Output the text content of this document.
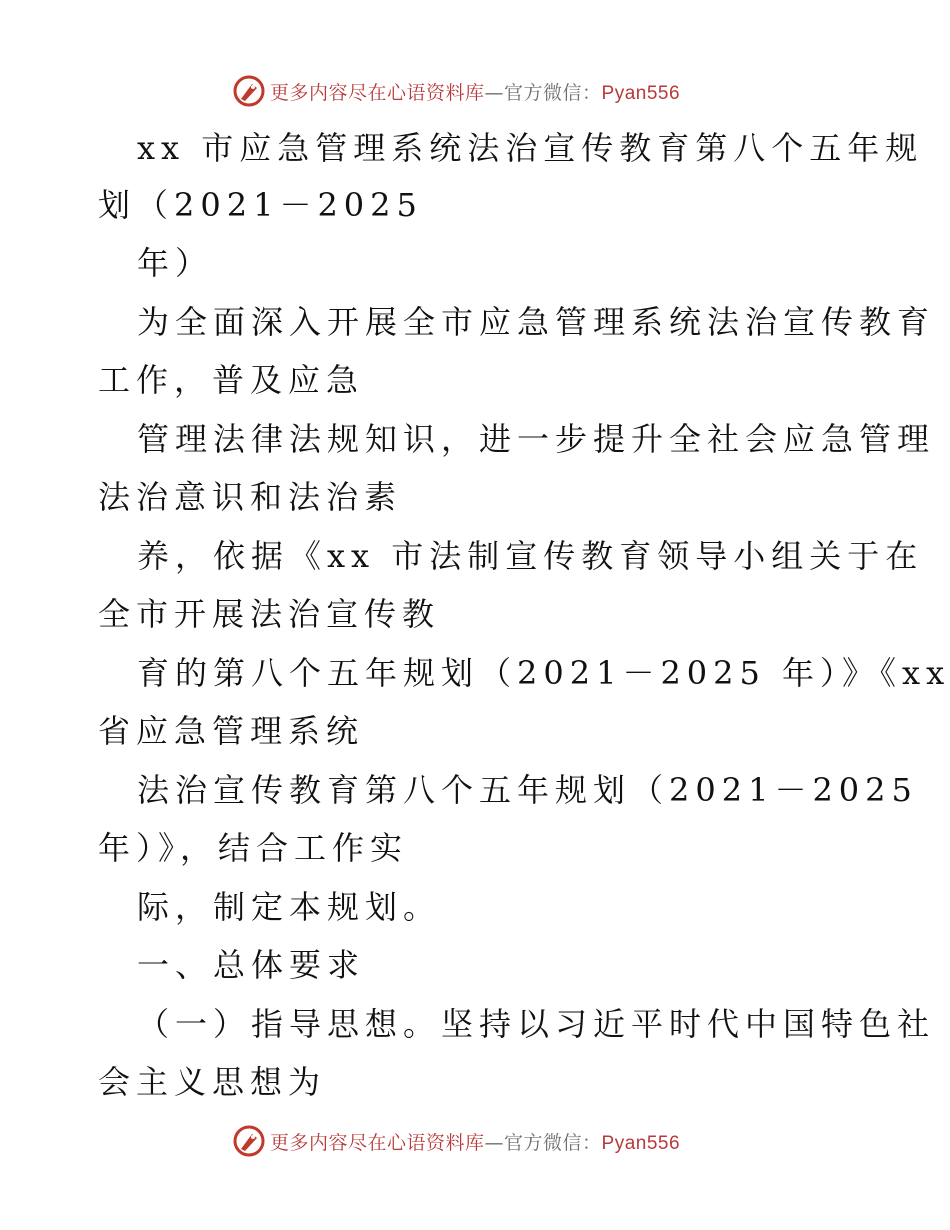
更多内容尽在心语资料库—官方微信：Pyan556
xx 市应急管理系统法治宣传教育第八个五年规
划（2021－2025
年）
为全面深入开展全市应急管理系统法治宣传教育
工作，普及应急
管理法律法规知识，进一步提升全社会应急管理
法治意识和法治素
养，依据《xx 市法制宣传教育领导小组关于在
全市开展法治宣传教
育的第八个五年规划（2021－2025 年）》《xx
省应急管理系统
法治宣传教育第八个五年规划（2021－2025
年）》，结合工作实
际，制定本规划。
一、总体要求
（一）指导思想。坚持以习近平时代中国特色社
会主义思想为
更多内容尽在心语资料库—官方微信：Pyan556
